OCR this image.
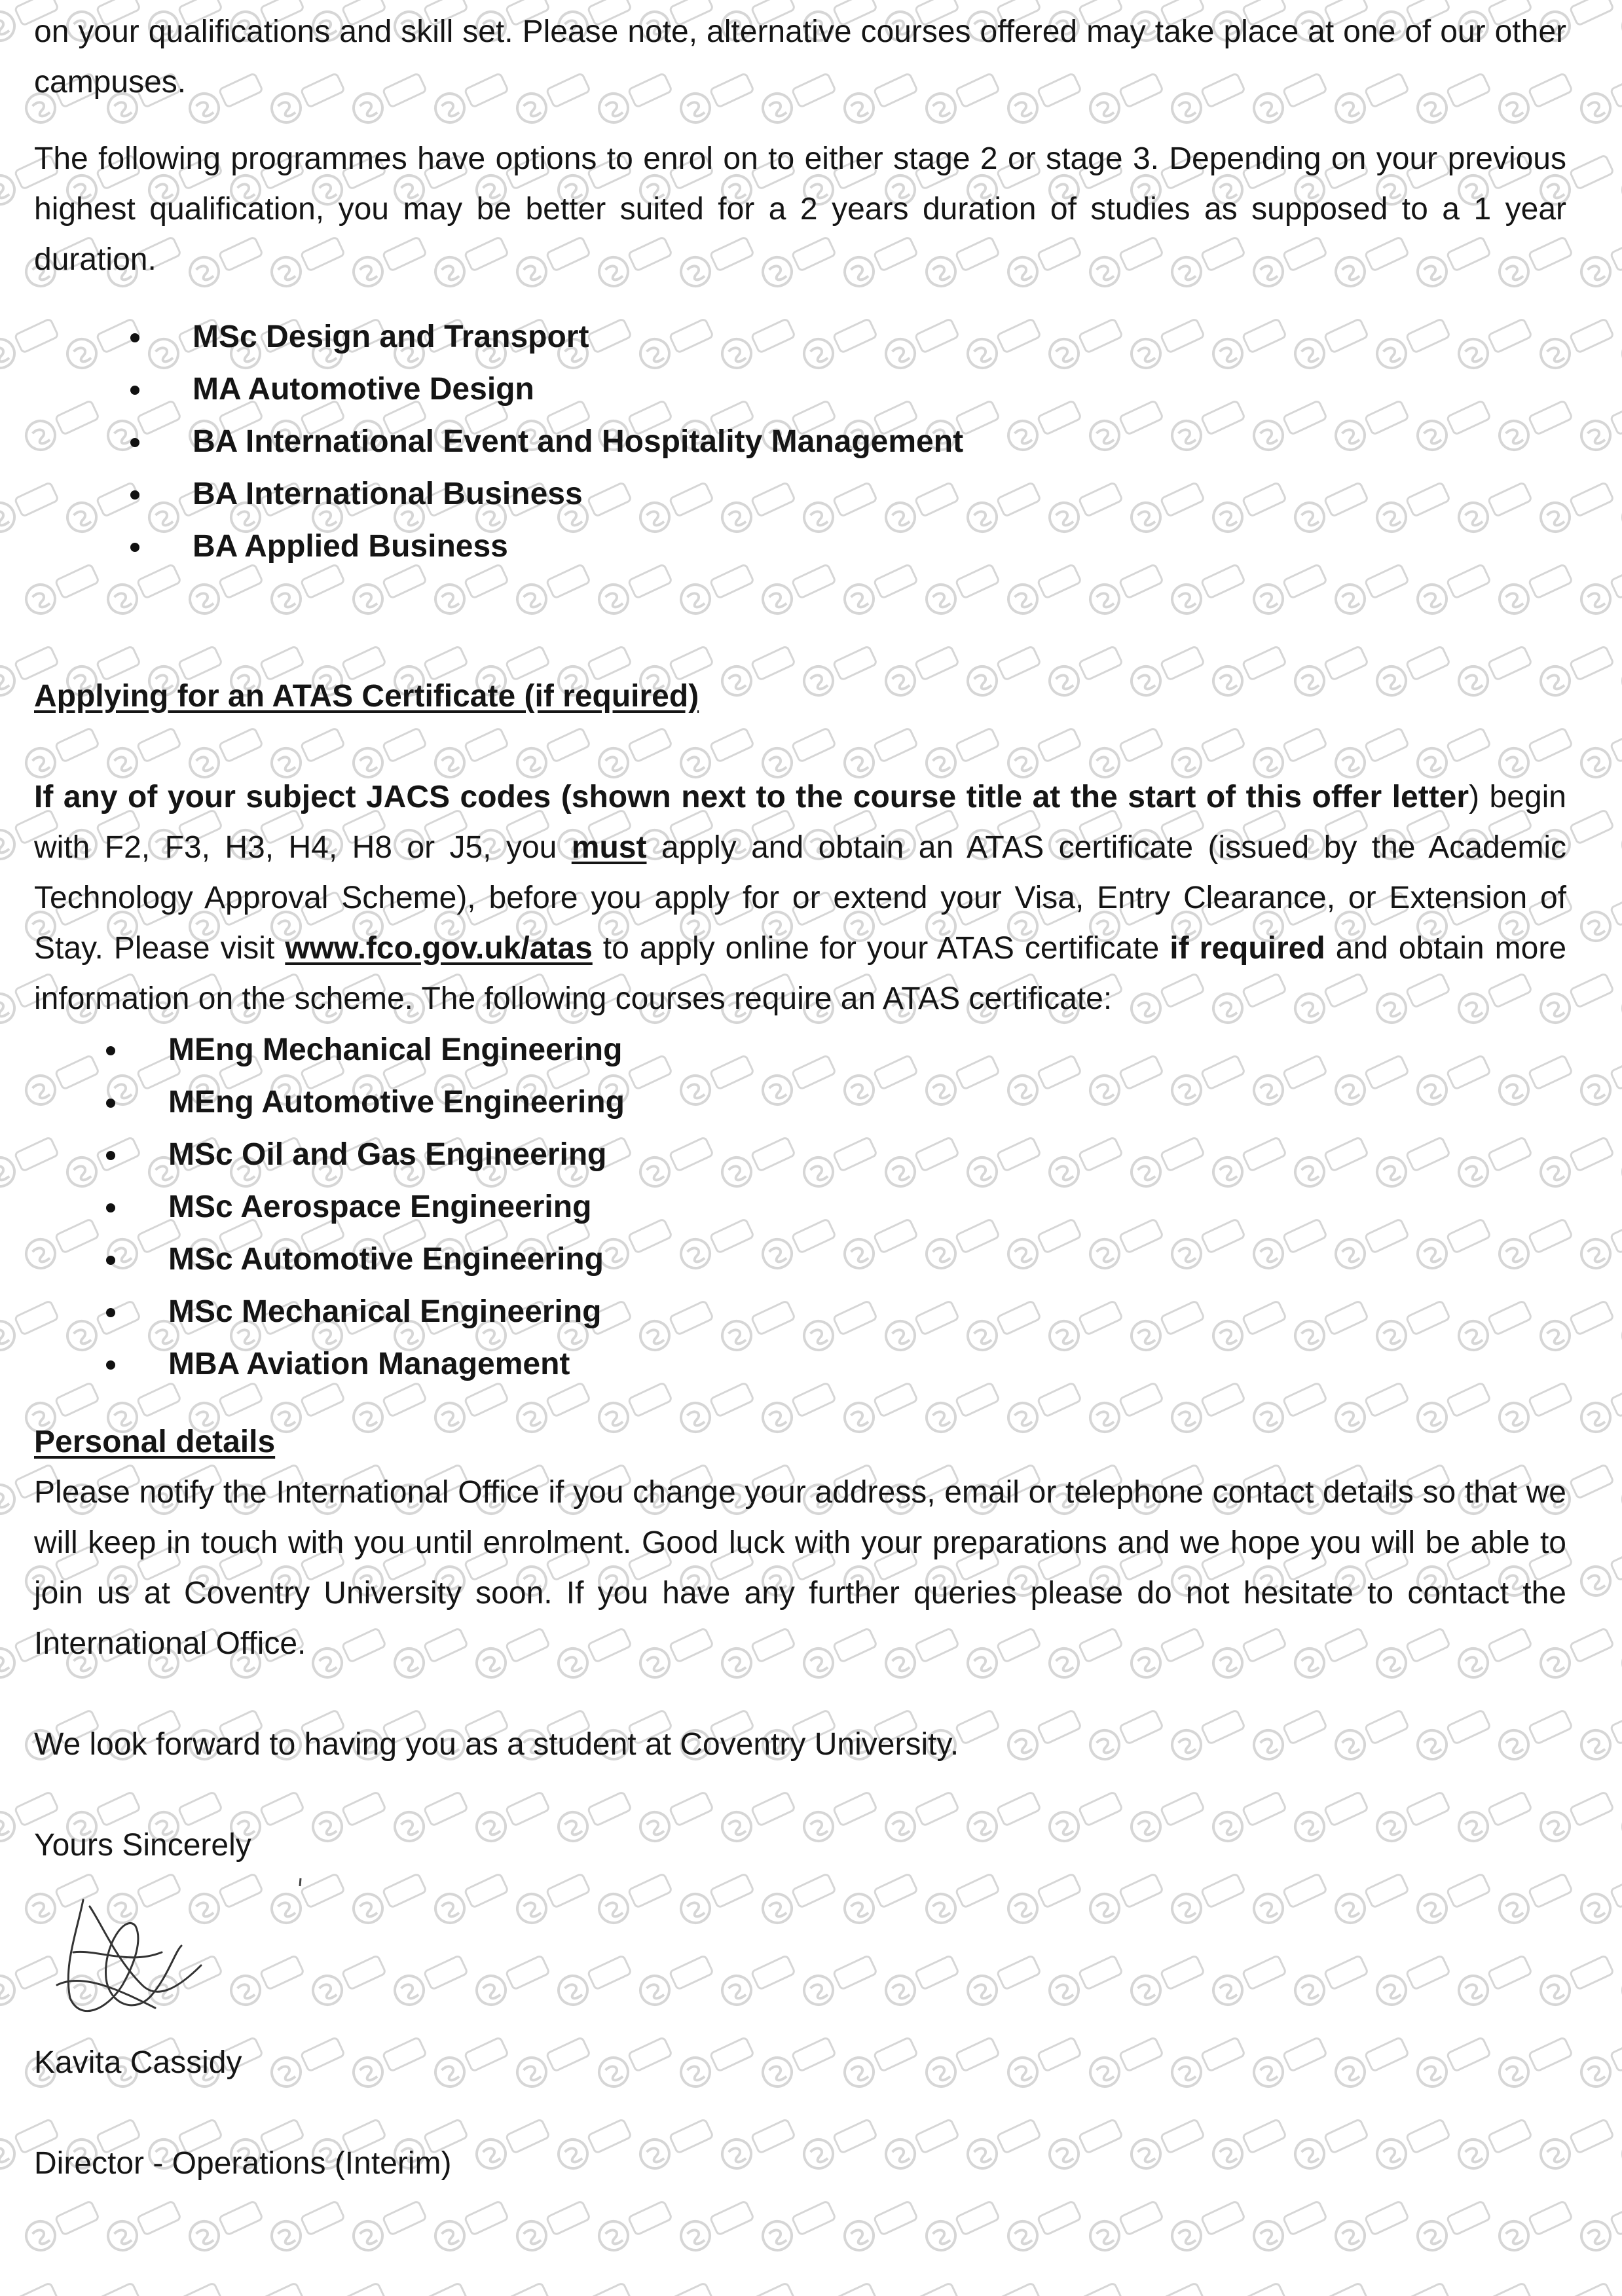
on your qualifications and skill set. Please note, alternative courses offered may take place at one of our other campuses.

The following programmes have options to enrol on to either stage 2 or stage 3. Depending on your previous highest qualification, you may be better suited for a 2 years duration of studies as supposed to a 1 year duration.

MSc Design and Transport
MA Automotive Design
BA International Event and Hospitality Management
BA International Business
BA Applied Business
Applying for an ATAS Certificate (if required)

If any of your subject JACS codes (shown next to the course title at the start of this offer letter) begin with F2, F3, H3, H4, H8 or J5, you must apply and obtain an ATAS certificate (issued by the Academic Technology Approval Scheme), before you apply for or extend your Visa, Entry Clearance, or Extension of Stay. Please visit www.fco.gov.uk/atas to apply online for your ATAS certificate if required and obtain more information on the scheme. The following courses require an ATAS certificate:

MEng Mechanical Engineering
MEng Automotive Engineering
MSc Oil and Gas Engineering
MSc Aerospace Engineering
MSc Automotive Engineering
MSc Mechanical Engineering
MBA Aviation Management
Personal details

Please notify the International Office if you change your address, email or telephone contact details so that we will keep in touch with you until enrolment. Good luck with your preparations and we hope you will be able to join us at Coventry University soon. If you have any further queries please do not hesitate to contact the International Office.

We look forward to having you as a student at Coventry University.

Yours Sincerely

Kavita Cassidy

Director - Operations (Interim)
